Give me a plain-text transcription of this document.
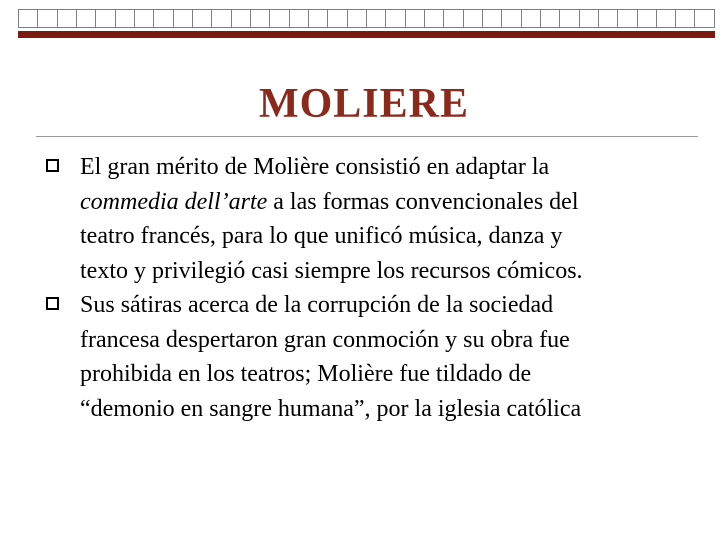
MOLIERE

El gran mérito de Molière consistió en adaptar la
commedia dell’arte a las formas convencionales del
teatro francés, para lo que unificó música, danza y
texto y privilegió casi siempre los recursos cómicos.

Sus sátiras acerca de la corrupción de la sociedad
francesa despertaron gran conmoción y su obra fue
prohibida en los teatros; Molière fue tildado de
“demonio en sangre humana”, por la iglesia católica
